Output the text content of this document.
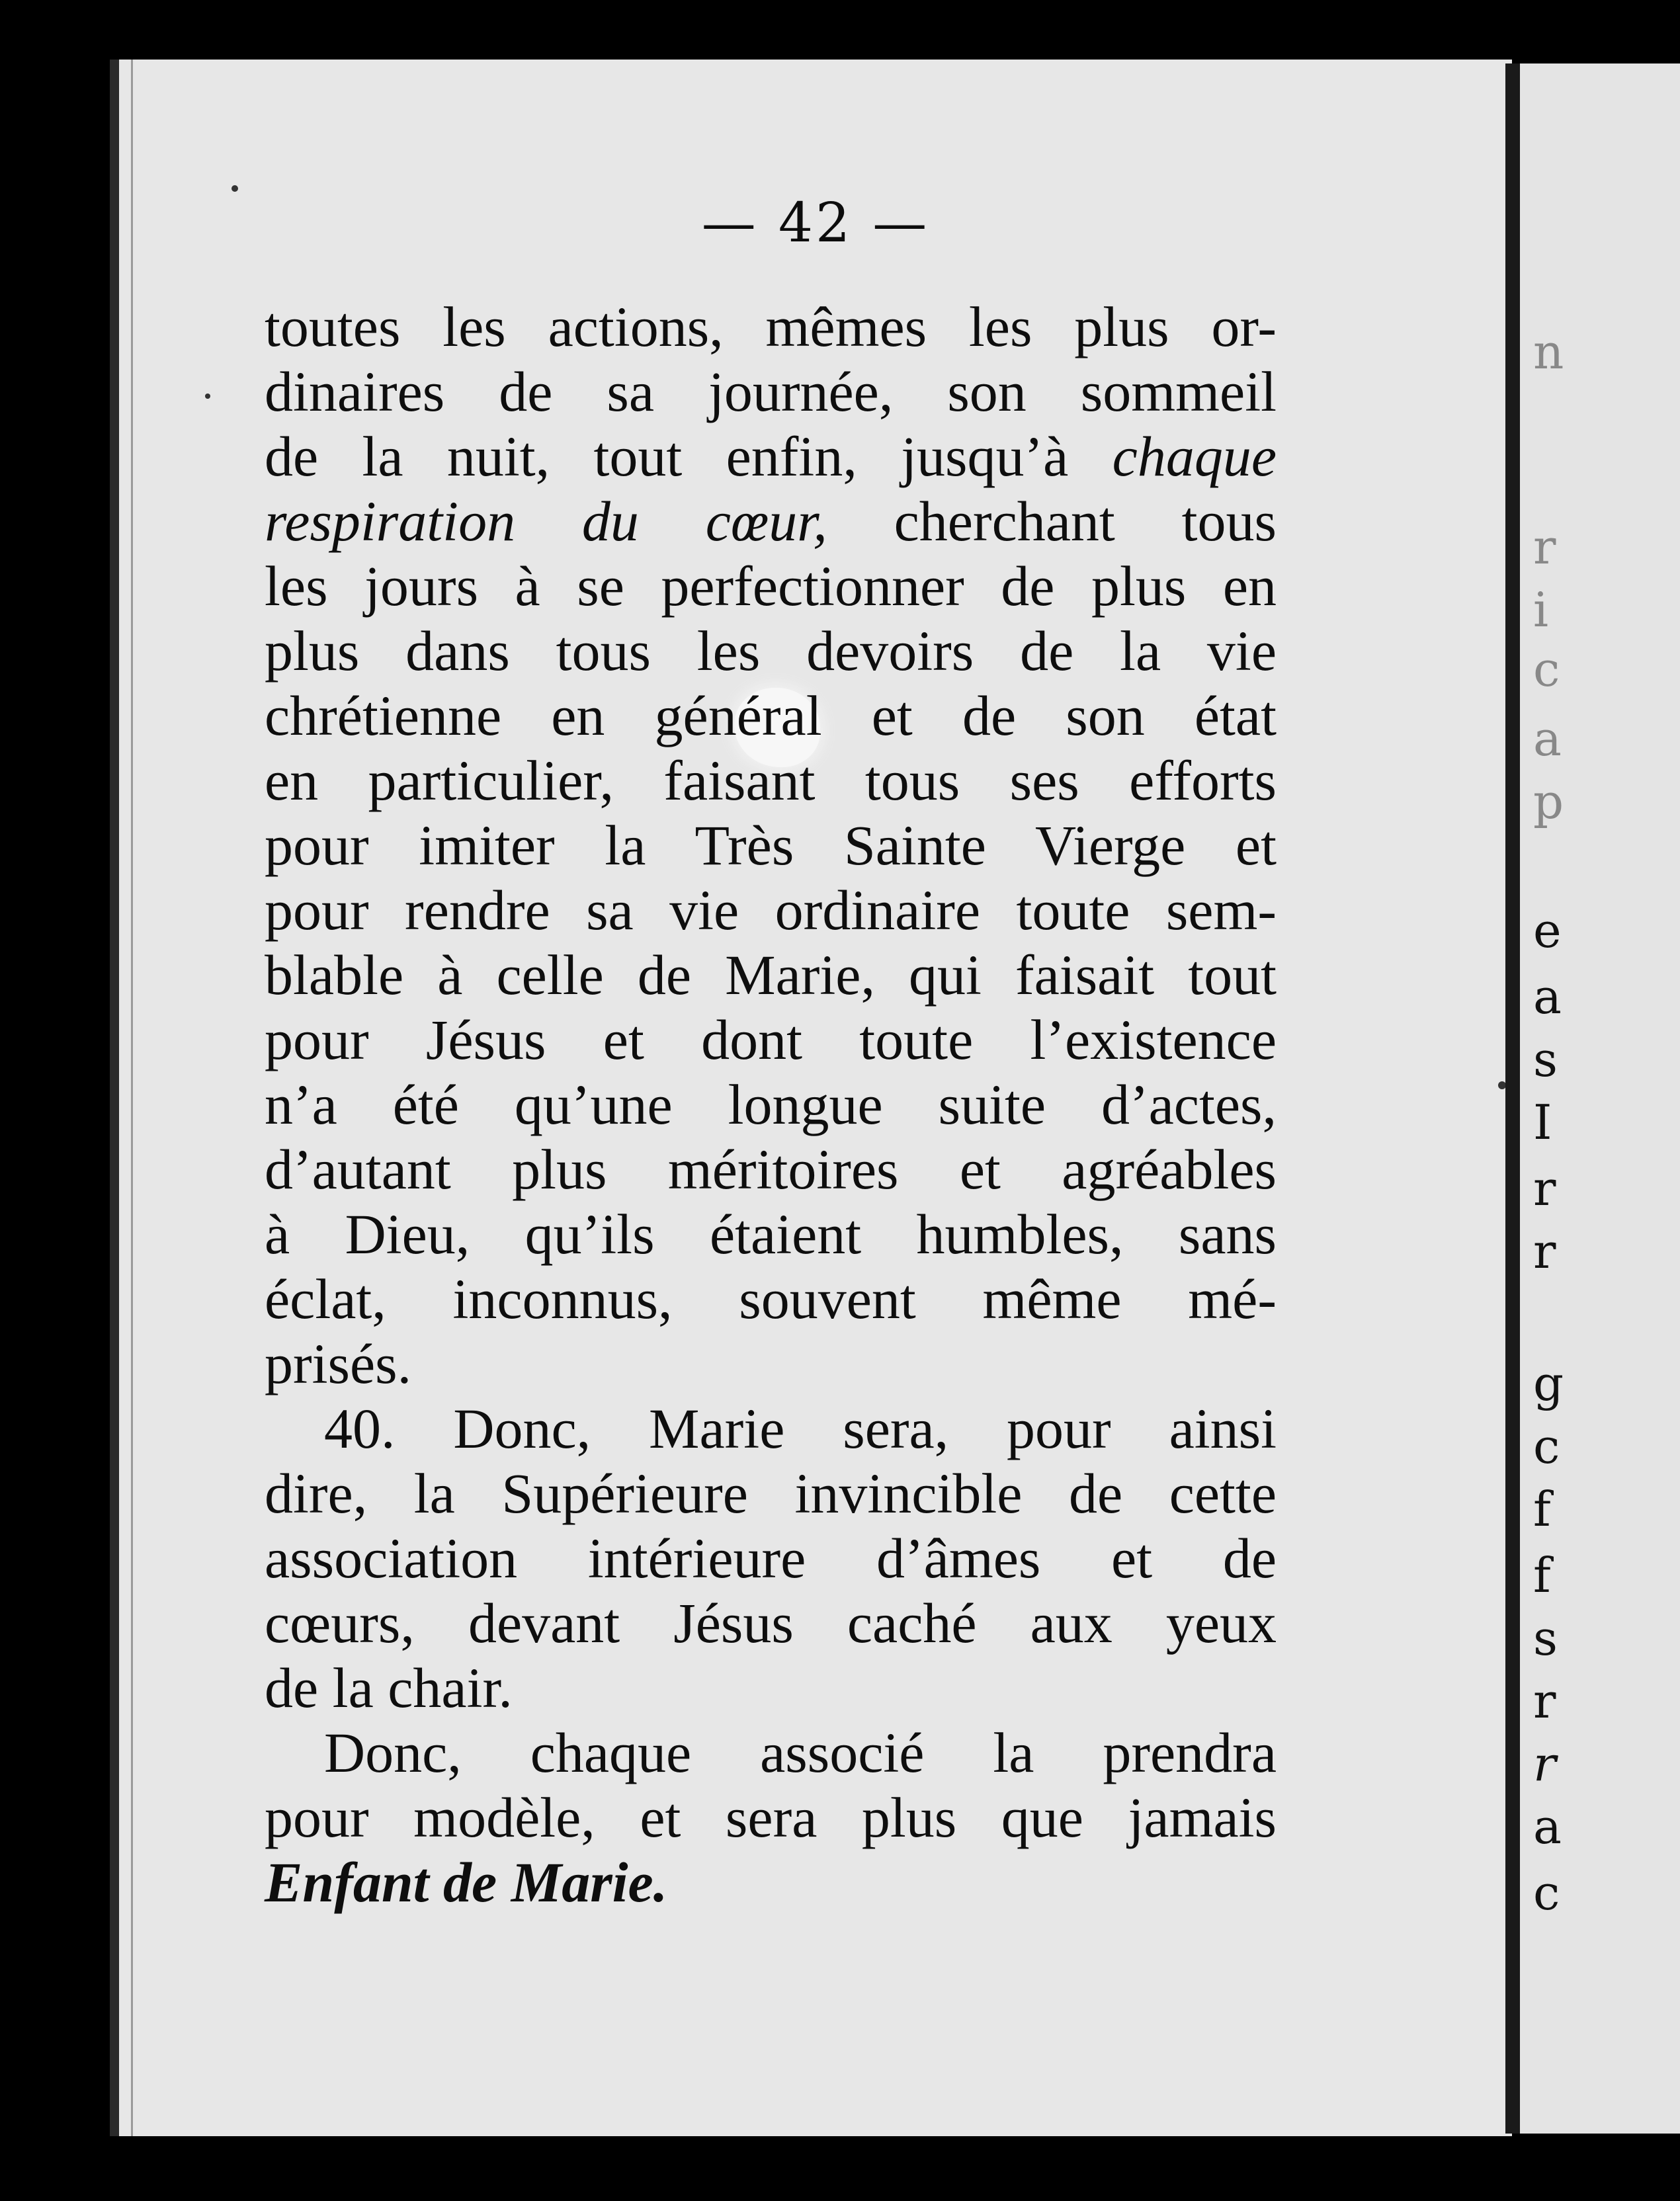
— 42 —
toutes les actions, mêmes les plus or-
dinaires de sa journée, son sommeil
de la nuit, tout enfin, jusqu’à chaque
respiration du cœur, cherchant tous
les jours à se perfectionner de plus en
plus dans tous les devoirs de la vie
chrétienne en général et de son état
en particulier, faisant tous ses efforts
pour imiter la Très Sainte Vierge et
pour rendre sa vie ordinaire toute sem-
blable à celle de Marie, qui faisait tout
pour Jésus et dont toute l’existence
n’a été qu’une longue suite d’actes,
d’autant plus méritoires et agréables
à Dieu, qu’ils étaient humbles, sans
éclat, inconnus, souvent même mé-
prisés.
40. Donc, Marie sera, pour ainsi
dire, la Supérieure invincible de cette
association intérieure d’âmes et de
cœurs, devant Jésus caché aux yeux
de la chair.
Donc, chaque associé la prendra
pour modèle, et sera plus que jamais
Enfant de Marie.
n
r
i
c
a
p
e
a
s
I
r
r
g
c
f
f
s
r
r
a
c
